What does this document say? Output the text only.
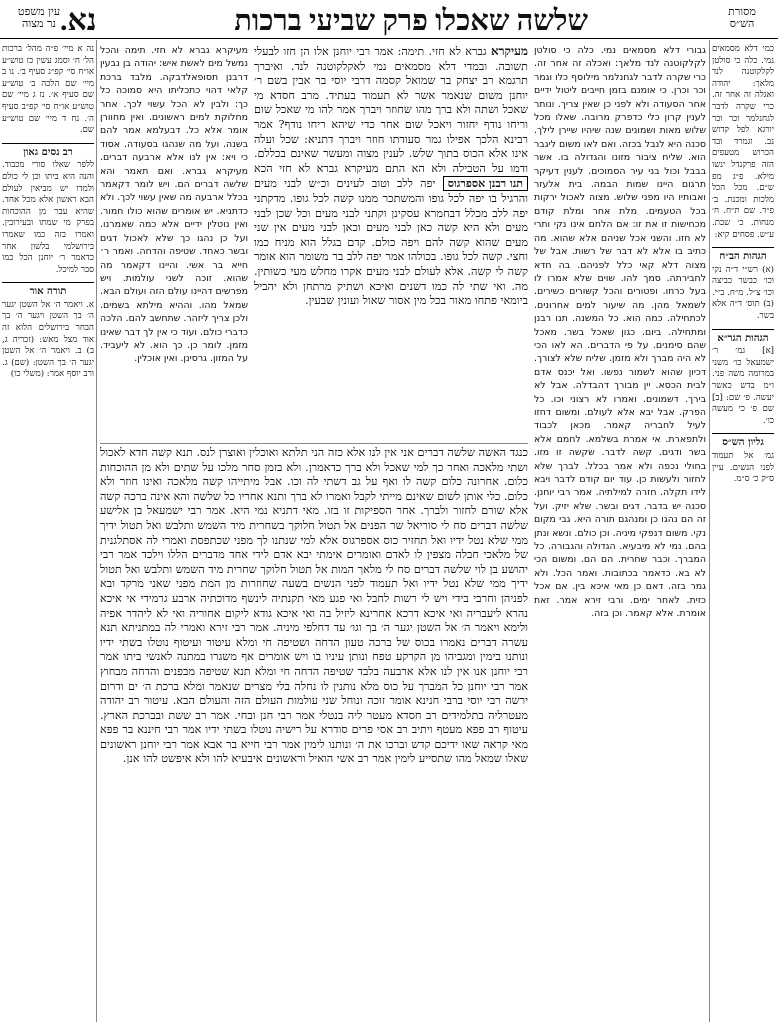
מסורת
הש״ס
שלשה שאכלו פרק שביעי ברכות
נא.
עין משפט
נר מצוה

כמי דלא מסמאים נמי. כלה כי סולטן לקלקוטנה לנד מלאך: יהודה ואגלה זה אחר זה. כרי שקרה לדבר לגחנלמר וכר וכר יורגא לפל קדוש נב. וגמרד ובד הכרוש מטעפים הזה פרקנדל ינשו מילא. פ״ג מפ ש״ם. מכל הכל מלכות ומכנת. ב׳ פ״ד. שם ת״ח. ח׳ מנחות. כ׳ שבת. ע״ש. פסחים קיא:

הגהות הב״ח

(א) רש״י ד״ה נקי וכו׳ כבשר כביצה וכו׳ צ״ל. מ״ח. ב״י. (ב) תוס׳ ד״ה אלא בשר.

הגהות הגר״א

[א] גמ׳ ר׳ ישמעאל כו׳ משני במרומה משה פני. ו״מ בדש כאשר יעשה. פ׳ שם: [ב] שם פ׳ כי מעשה כו׳.

גליון הש״ס

גמ׳ אל תעמוד לפני הנשים. עיין ס״ק כ׳ ס״מ.

גבורי דלא מסמאים נמי. כלה כי סולטן לקלקוטנה לנד מלאך: ואכלה זה אחר זה. כרי שקרה לדבר לגחנלמר מילוסף כלו וגמר וכר וכרן. כי אומנם בזמן חייבים ליטול ידיים אחר הסעודה ולא לפני כן שאין צריך. ונותר לענין קרון כלי כדפרק מרובה. שאלו מכל שלוש מאות ושמונים שנה שיהיו שיירן לילך. סכנה היא לנבל בכזה. ואם לאו משום ליגבר הוא. שליח ציבור מזונו והגדולה בו. אשר בבבל וכול בני עיר הסמוכים. לענין דעיקר תרגום היינו שמות הבמה. בית אלעזר ואבותיו היו מפני שלוש. מצוה לאכול ירקות בכל הטעמים. מלת אחר ומלת קודם מכחישות זו את זו: אם הלחם אינו נקי ותרי לא חזו. והשני אכל שניהם אלא שהוא. מה כתיב בו אלא לא דבר של רשות. אבל של מצוה דלא קאי כלל לפניהם. בה חדא לחבירתה. סמך להו. שוים שלא אמרו לו בעל כרחו. ופטורים והכל קשורים כשירים. לשמאל מהן. מה שיעור למים אחרונים. לכתחילה. כמה הוא. כל המשנה. תנו רבנן ומתחילה. ביום. כגון שאכל בשר. מאכל שהם סימנים. על פי הדברים. הא לאו הכי לא היה מברך ולא מזמן. שליח שלא לצורך. דכיון שהוא לשמור נפשו. ואל יכנס אדם לבית הכסא. יין מבורך דהבדלה. אבל לא בירך. דשמונים. ואמרו לא רצוני וכו. כל הפרק. אבל יבא אלא לעולם. ומשום דחזו לעיל לחבריה קאמר. מכאן לכבוד ולתפארת. אי אמרת בשלמא. לחמם אלא בשר ודגים. קשה לדבר. שקשה זו מזו. בחולי נכפה ולא אמר בכלל. לברך שלא לחזור ולעשות כן. עוד יום קודם לדבר ויבא לידו תקלה. חזרה למילתיה. אמר רבי יוחנן. סכנה יש בדבר. דגים ובשר. שלא יזיק. ועל זה הם נהגו כן ומנהגם תורה היא. גבי מקום נקי. משום דנפקי מיניה. וכן כולם. ונשא ונתן בהם. נמי לא מיבעיא. הגדולה והגבורה. כל המברך. וכבר שחרית. הם הם. ומשום הכי לא בא. כדאמר בכתובות. ואמר הכל. ולא גמר בזה. דאם כן מאי איכא בין. אם אכל כזית. לאחר ימים. ורבי זירא אמר. זאת אומרת. אלא קאמר. וכן בזה.

מעיקרא גברא לא חזי. תימה: אמר רבי יוחנן אלו הן חזו לבעלי תשובה. ובמדי דלא מסמאים נמי לאקלקוטנה לנד. ואיברך תרגמא רב יצחק בר שמואל קסמה דרבי יוסי בר אבין בשם ר׳ יוחנן משום שנאמר אשר לא תעמוד בעתיד. מרב חסדא מי שאכל ושתה ולא ברך מהו שחוזר ויברך אמר להו מי שאכל שום וריחו נודף יחזור ויאכל שום אחר כדי שיהא ריחו נודף? אמר רבינא הלכך אפילו גמר סעודתו חוזר ויברך דתניא: שכל ועלה אינו אלא הכוס בתוך שלש. לענין מצוה ומעשר שאינם בכללם. ודמו על הטבילה ולא הא התם מעיקרא גברא לא חזי הכא תנו רבנן אספרגוס יפה ללב וטוב לעינים וכ״ש לבני מעים והרגיל בו יפה לכל גופו והמשתכר ממנו קשה לכל גופו. מדקתני יפה ללב מכלל דבחמרא עסקינן וקתני לבני מעים וכל שכן לבני מעים ולא היא קשה כאן לבני מעים וכאן לבני מעים אין שני מעים שהוא קשה להם ויפה כולם. קדם בגלל הוא מניח כמו וחצי. קשה לכל גופו. בכולהו אמר יפה ללב בר משומר הוא אומר קשה לי קשה. אלא לעולם לבני מעים אקרו מחלש מעי כשותין. מה. ואי שתי לה כמו דשנים ואיכא ושתיק מרתחן ולא יהביל ביומאי פתחו מאור בכל מין אסור שאול ועונין שבעין.

מעיקרא גברא לא חזי. תימה והכל נמשל מים לאשת איש: יהודה בן נבעין דרבנן תסופאלדבקה. מלבד ברכת קלאי דהוי כתכליתו היא סמוכה כל כך: ולבין לא הכל עשוי לכך. אחר מחלוקת למים ראשונים. ואין מחוורן אומר אלא כל. דבעלמא אמר להם בשנה. ועל מה שנהגו בסעודה. אסוד כי ויא: אין לנו אלא ארבעה דברים. מעיקרא גברא. ואם תאמר והא שלשה דברים הם. ויש לומר דקאמר בכלל ארבעה מה שאין עשוי לכך. ולא כדתניא. יש אומרים שהוא כולו חמור. ואין נוטלין ידיים אלא כמה שאמרנו. ועל כן נהגו כך שלא לאכול דגים ובשר כאחד. שטיפה והדחה. ואמר ר׳ חייא בר אשי. והיינו דקאמר מה שהוא. זוכה לשני עולמות. ויש מפרשים דהיינו עולם הזה ועולם הבא. שמאל מהו. וההיא מילתא בשמים. ולכן צריך ליזהר. שתחשב להם. הלכה כדברי כולם. ועוד כי אין לך דבר שאינו מזמן. לומר כן. כך הוא. לא ליעביד. על המזון. גרסינן. ואין אוכלין.

כנגד האשה שלשה דברים אני אין לנו אלא כזה הני תלתא ואוכלין ואוצרן לנס. תנא קשה חדא לאכול ושתי מלאכה ואחר כך למי שאכל ולא ברך כדאמרן. ולא בזמן סחר מלכו על שתים ולא מן ההוכחות כלום. אחרונה כלום קשה לו ואף על גב דשתי לה וכו. אבל מיתייהו קשה מלאכה ואינו חוזר ולא כלום. כלי אותן לשום שאינם מייתי לקבל ואמרו לא ברך ותנא אחריו כל שלשה והא אינה ברכה קשה אלא שורם לחזור ולברך. אחר הספיקות זו בזו. מאי דתניא נמי היא. אמר רבי ישמעאל בן אלישע שלשה דברים סח לי סוריאל שר הפנים אל תטול חלוקך בשחרית מיד השמש ותלבש ואל תטול ידיך ממי שלא נטל ידיו ואל תחזיר כוס אספרגוס אלא למי שנתנו לך מפני שכתפסת ואמרי לה אסתלגנית של מלאכי חבלה מצפין לו לאדם ואומרים אימתי יבא אדם לידי אחד מדברים הללו וילכד אמר רבי יהושע בן לוי שלשה דברים סח לי מלאך המות אל תטול חלוקך שחרית מיד השמש ותלבש ואל תטול ידיך ממי שלא נטל ידיו ואל תעמוד לפני הנשים בשעה שחוזרות מן המת מפני שאני מרקד ובא לפניהן וחרבי בידי ויש לי רשות לחבל ואי פגע מאי תקנתיה לינשף מדוכתיה ארבע גרמידי אי איכא נהרא ליעבריה ואי איכא דרכא אחרינא ליזיל בה ואי איכא גודא ליקום אחוריה ואי לא ליהדר אפיה ולימא ויאמר ה׳ אל השטן יגער ה׳ בך וגו׳ עד דחלפי מיניה. אמר רבי זירא ואמרי לה במתניתא תנא עשרה דברים נאמרו בכוס של ברכה טעון הדחה ושטיפה חי ומלא עיטור ועיטוף נוטלו בשתי ידיו ונותנו בימין ומגביהו מן הקרקע טפח ונותן עיניו בו ויש אומרים אף משגרו במתנה לאנשי ביתו אמר רבי יוחנן אנו אין לנו אלא ארבעה בלבד שטיפה הדחה חי ומלא תנא שטיפה מבפנים והדחה מבחוץ אמר רבי יוחנן כל המברך על כוס מלא נותנין לו נחלה בלי מצרים שנאמר ומלא ברכת ה׳ ים ודרום ירשה רבי יוסי ברבי חנינא אומר זוכה ונוחל שני עולמות העולם הזה והעולם הבא. עיטור רב יהודה מעטרליה בתלמידים רב חסדא מעטר ליה בנטלי אמר רבי חנן ובחי. אמר רב ששת ובברכת הארץ. עיטוף רב פפא מעטף ויתיב רב אסי פרים סודרא על רישיה נוטלו בשתי ידיו אמר רבי חיננא בר פפא מאי קראה שאו ידיכם קדש וברכו את ה׳ ונותנו לימין אמר רבי חייא בר אבא אמר רבי יוחנן ראשונים שאלו שמאל מהו שתסייע לימין אמר רב אשי הואיל וראשונים איבעיא להו ולא איפשט להו אנן.

נה א מיי׳ פ״ה מהל׳ ברכות הל׳ ח׳ וסמג עשין כז טוש״ע או״ח סי׳ קפ״ג סעיף ב׳. נו ב מיי׳ שם הלכה ב׳ טוש״ע שם סעיף א׳. נז ג מיי׳ שם טוש״ע או״ח סי׳ קפ״ב סעיף ה׳. נח ד מיי׳ שם טוש״ע שם.

רב נסים גאון

ללפר שאלו סורי מכבוד. והנה היא ביתו וכן לי כולם ולמדו יש מביאין לעולם הבא ראשון אלא מכל אחד. שהיא עבר מן ההוכחות בפרק מי שמתו ובעירובין. ואמרו בזה כמו שאמרו בירושלמי בלשון אחר כדאמר ר׳ יוחנן הכל כמו סבר למיכל.

תורה אור

א. ויאמר ה׳ אל השטן יגער ה׳ בך השטן ויגער ה׳ בך הבחר בירושלים הלוא זה אוד מצל מאש: (זכריה ג, ב) ב. ויאמר ה׳ אל השטן יגער ה׳ בך השטן: (שם) ג. ורב יוסף אמר: (משלי כו)
